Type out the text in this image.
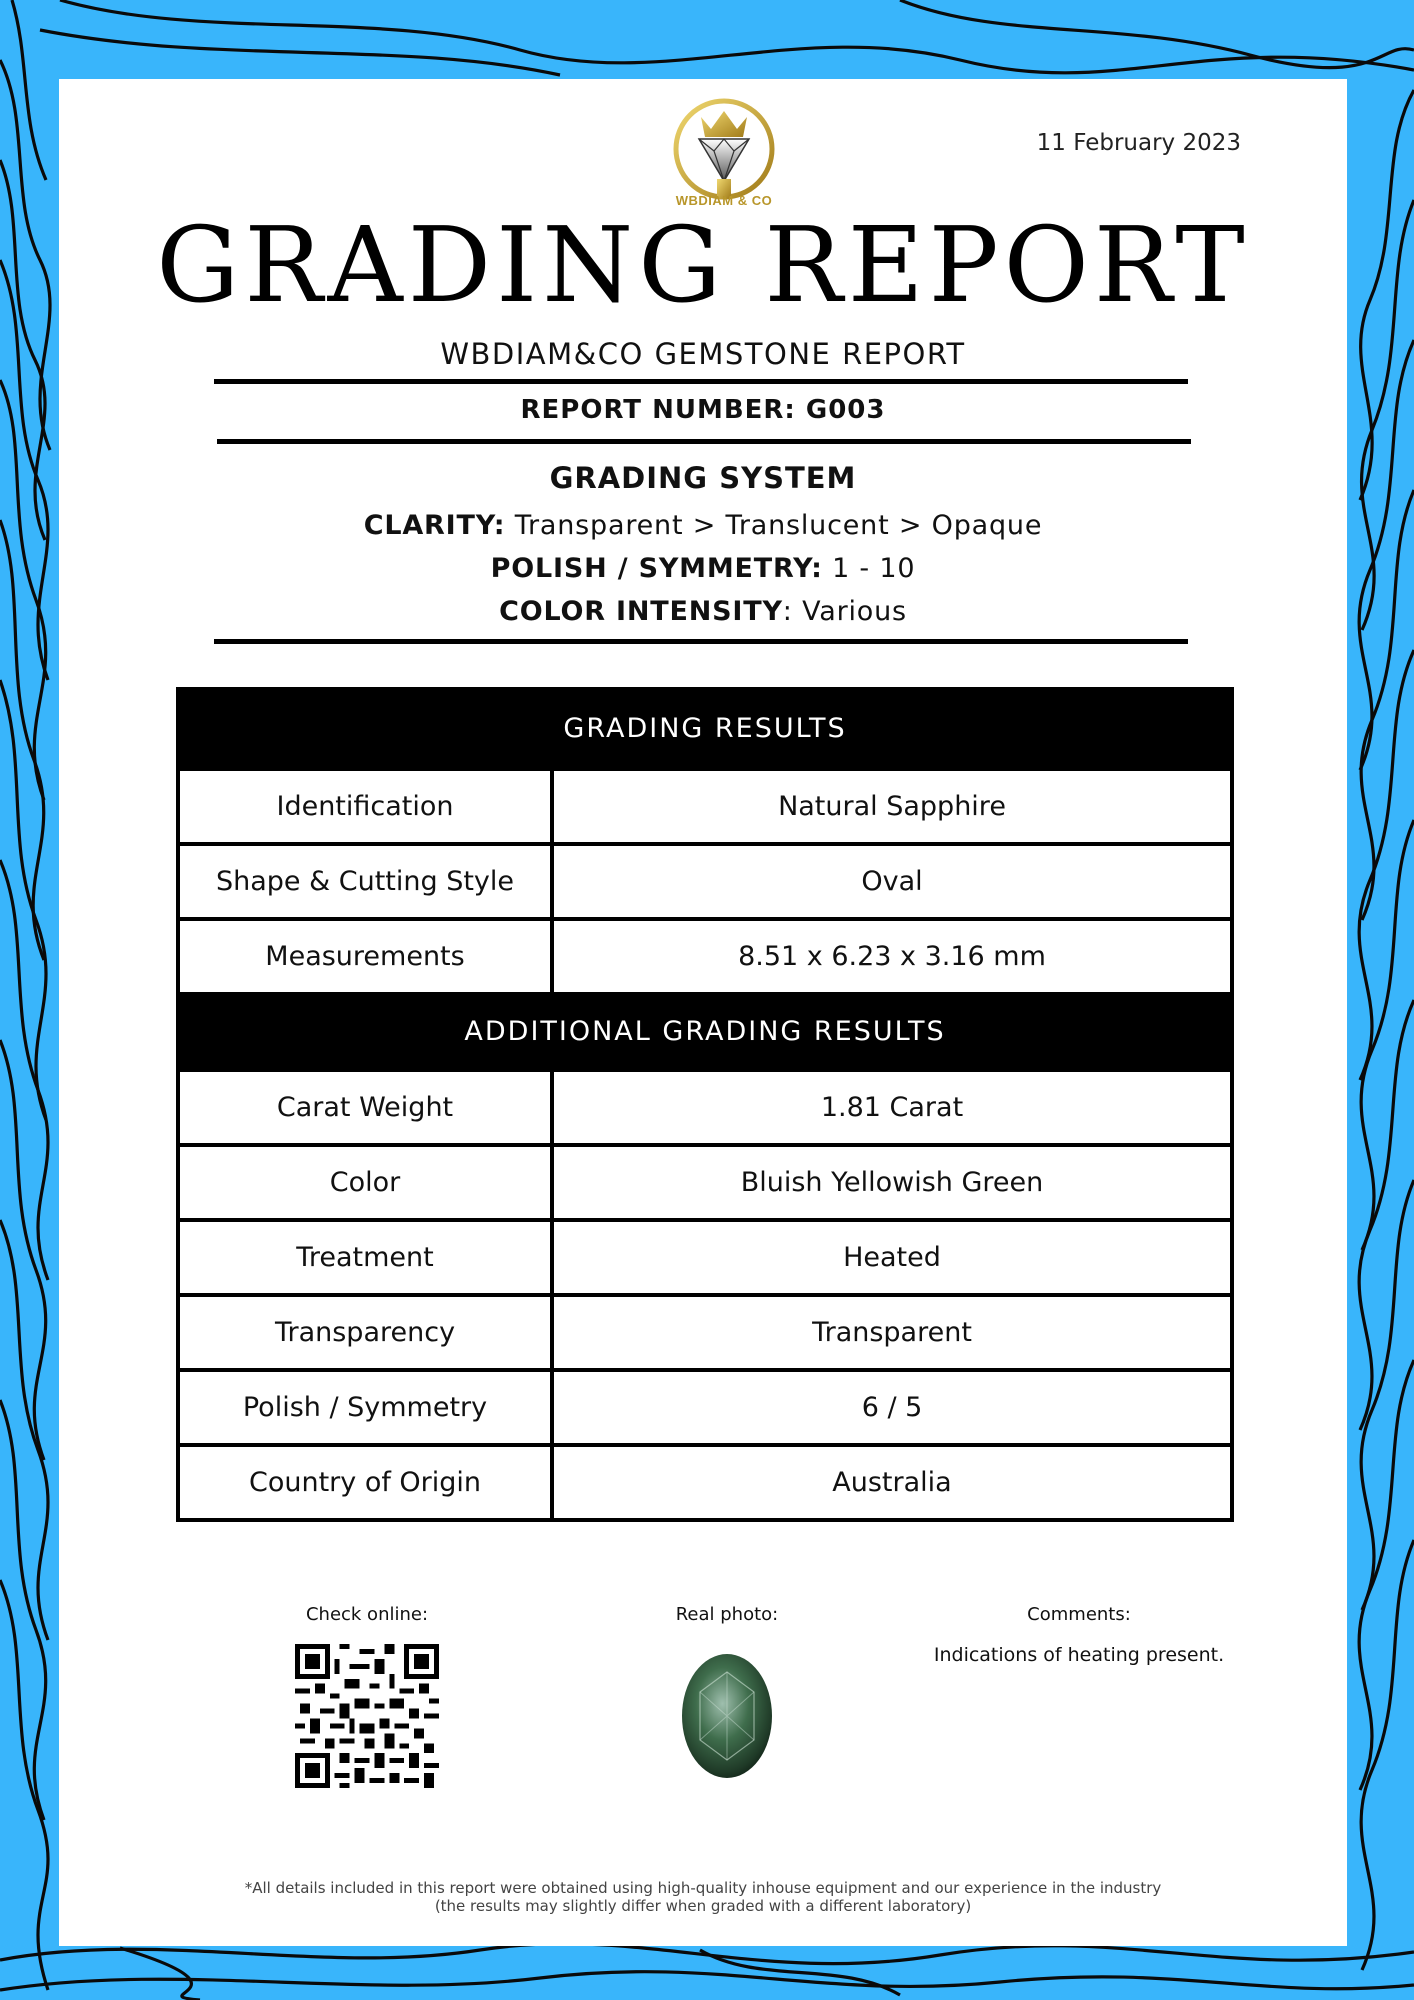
WBDIAM & CO
11 February 2023
GRADING REPORT
WBDIAM&CO GEMSTONE REPORT
REPORT NUMBER: G003
GRADING SYSTEM
CLARITY: Transparent > Translucent > Opaque
POLISH / SYMMETRY: 1 - 10
COLOR INTENSITY: Various
GRADING RESULTS
Identification	Natural Sapphire
Shape & Cutting Style	Oval
Measurements	8.51 x 6.23 x 3.16 mm
ADDITIONAL GRADING RESULTS
Carat Weight	1.81 Carat
Color	Bluish Yellowish Green
Treatment	Heated
Transparency	Transparent
Polish / Symmetry	6 / 5
Country of Origin	Australia
Check online:	Real photo:	Comments:
Indications of heating present.
*All details included in this report were obtained using high-quality inhouse equipment and our experience in the industry
(the results may slightly differ when graded with a different laboratory)
